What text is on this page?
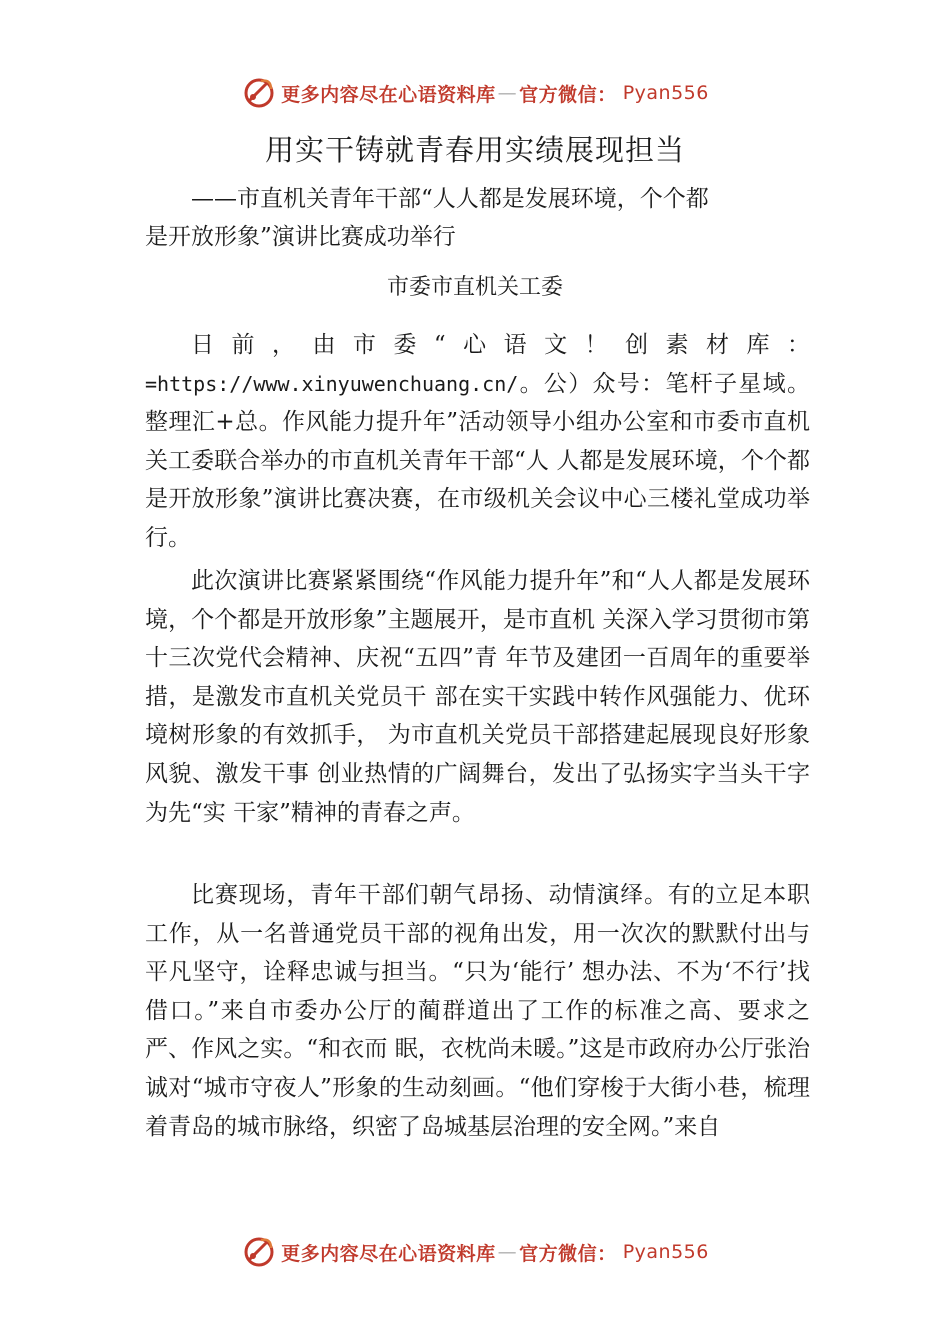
更多内容尽在心语资料库 — 官方微信： Pyan556
用实干铸就青春用实绩展现担当
——市直机关青年干部“人人都是发展环境，个个都
是开放形象”演讲比赛成功举行
市委市直机关工委
日前，由市委“心语文！创素材库：=https://www.xinyuwenchuang.cn/。公）众号：笔杆子星域。整理汇+总。作风能力提升年”活动领导小组办公室和市委市直机关工委联合举办的市直机关青年干部“人 人都是发展环境，个个都是开放形象”演讲比赛决赛，在市级机关会议中心三楼礼堂成功举行。
此次演讲比赛紧紧围绕“作风能力提升年”和“人人都是发展环境，个个都是开放形象”主题展开，是市直机 关深入学习贯彻市第十三次党代会精神、庆祝“五四”青 年节及建团一百周年的重要举措，是激发市直机关党员干 部在实干实践中转作风强能力、优环境树形象的有效抓手， 为市直机关党员干部搭建起展现良好形象风貌、激发干事 创业热情的广阔舞台，发出了弘扬实字当头干字为先“实 干家”精神的青春之声。
比赛现场，青年干部们朝气昂扬、动情演绎。有的立足本职工作，从一名普通党员干部的视角出发，用一次次的默默付出与平凡坚守，诠释忠诚与担当。“只为‘能行’ 想办法、不为‘不行’找借口。”来自市委办公厅的蔺群道出了工作的标准之高、要求之严、作风之实。“和衣而 眠，衣枕尚未暖。”这是市政府办公厅张治诚对“城市守夜人”形象的生动刻画。“他们穿梭于大街小巷，梳理着青岛的城市脉络，织密了岛城基层治理的安全网。”来自
更多内容尽在心语资料库 — 官方微信： Pyan556
